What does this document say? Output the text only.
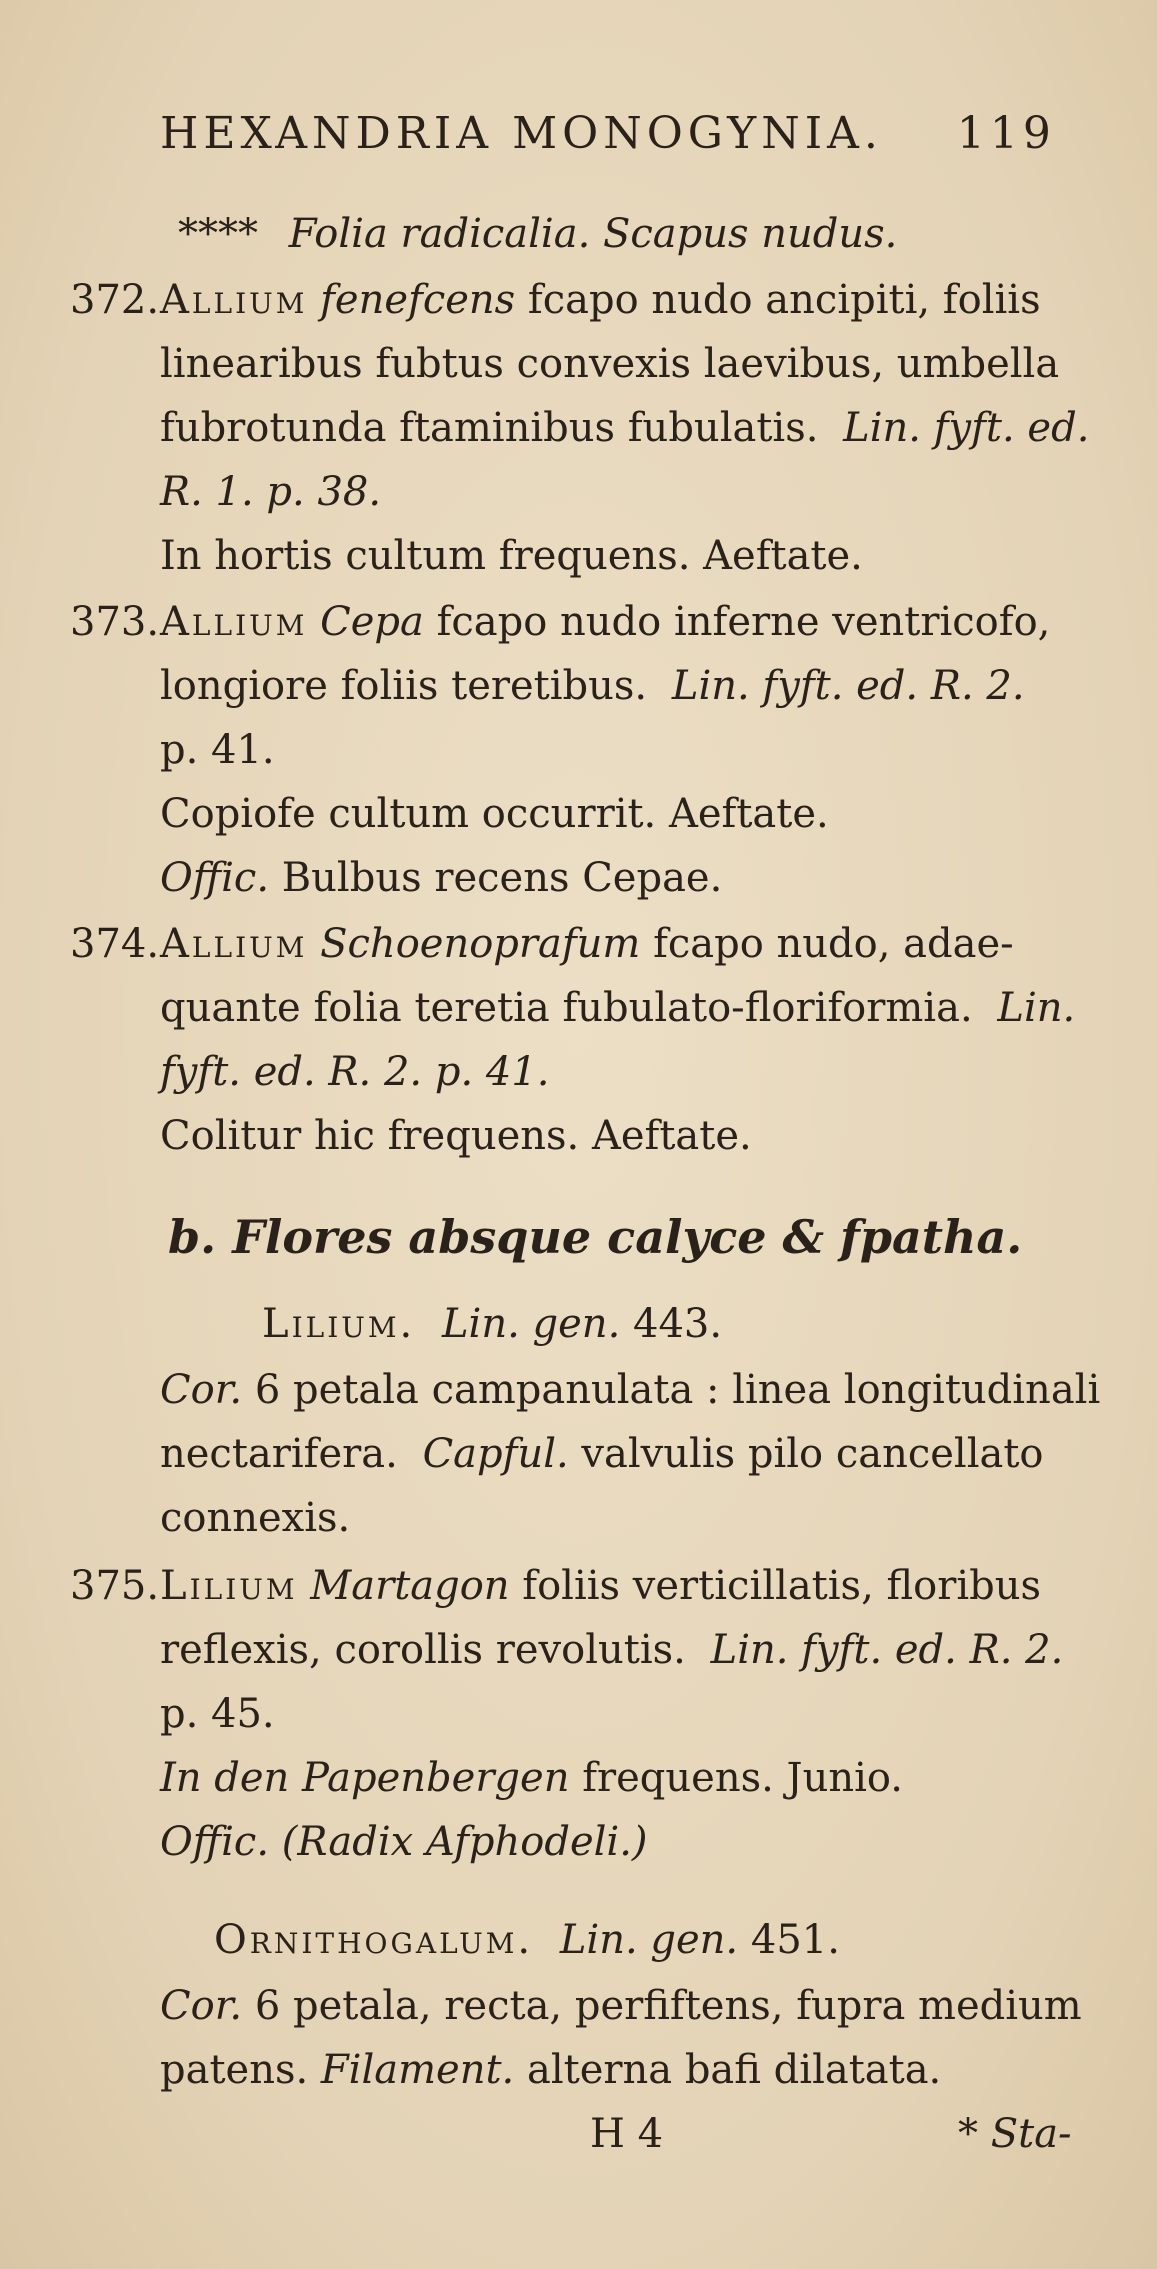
HEXANDRIA MONOGYNIA. 119
**** Folia radicalia. Scapus nudus.
372.Allium fenefcens fcapo nudo ancipiti, foliis
linearibus fubtus convexis laevibus, umbella
fubrotunda ftaminibus fubulatis. Lin. fyft. ed.
R. 1. p. 38.
In hortis cultum frequens. Aeftate.
373.Allium Cepa fcapo nudo inferne ventricofo,
longiore foliis teretibus. Lin. fyft. ed. R. 2.
p. 41.
Copiofe cultum occurrit. Aeftate.
Offic. Bulbus recens Cepae.
374.Allium Schoenoprafum fcapo nudo, adae-
quante folia teretia fubulato-floriformia. Lin.
fyft. ed. R. 2. p. 41.
Colitur hic frequens. Aeftate.
b. Flores absque calyce & fpatha.
Lilium. Lin. gen. 443.
Cor. 6 petala campanulata : linea longitudinali
nectarifera. Capful. valvulis pilo cancellato
connexis.
375.Lilium Martagon foliis verticillatis, floribus
reflexis, corollis revolutis. Lin. fyft. ed. R. 2.
p. 45.
In den Papenbergen frequens. Junio.
Offic. (Radix Afphodeli.)
Ornithogalum. Lin. gen. 451.
Cor. 6 petala, recta, perfiftens, fupra medium
patens. Filament. alterna bafi dilatata.
H 4	* Sta-
